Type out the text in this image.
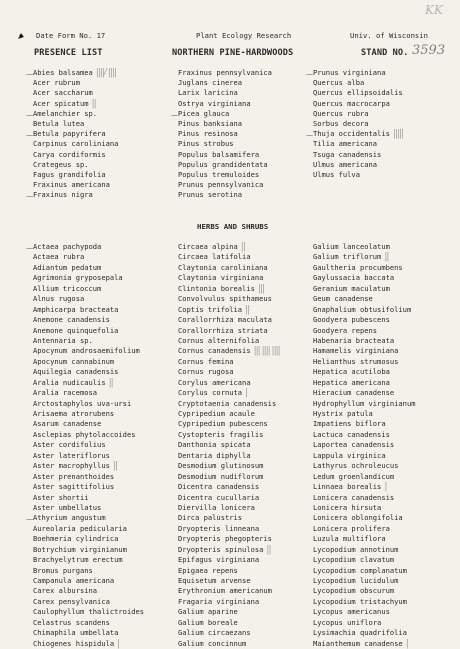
KK
Date Form No. 17	Plant Ecology Research	Univ. of Wisconsin
PRESENCE LIST	NORTHERN PINE-HARDWOODS	STAND NO. 3593
— Abies balsamea ||||/ ||||
Acer rubrum
Acer saccharum
Acer spicatum ||
— Amelanchier sp.
Betula lutea
— Betula papyrifera
Carpinus caroliniana
Carya cordiformis
Crategeus sp.
Fagus grandifolia
Fraxinus americana
— Fraxinus nigra
Fraxinus pennsylvanica
Juglans cinerea
Larix laricina
Ostrya virginiana
— Picea glauca
Pinus banksiana
Pinus resinosa
Pinus strobus
Populus balsamifera
Populus grandidentata
Populus tremuloides
Prunus pennsylvanica
Prunus serotina
— Prunus virginiana
Quercus alba
Quercus ellipsoidalis
Quercus macrocarpa
Quercus rubra
Sorbus decora
— Thuja occidentalis |||||
Tilia americana
Tsuga canadensis
Ulmus americana
Ulmus fulva
HERBS AND SHRUBS
— Actaea pachypoda
Actaea rubra
Adiantum pedatum
Agrimonia gryposepala
Allium tricoccum
Alnus rugosa
Amphicarpa bracteata
Anemone canadensis
Anemone quinquefolia
Antennaria sp.
Apocynum androsaemifolium
Apocynum cannabinum
Aquilegia canadensis
Aralia nudicaulis ||
Aralia racemosa
Arctostaphylos uva-ursi
Arisaema atrorubens
Asarum canadense
Asclepias phytolaccoides
Aster cordifolius
Aster lateriflorus
Aster macrophyllus ||
Aster prenanthoides
Aster sagittifolius
Aster shortii
Aster umbellatus
— Athyrium angustum
Aureolaria pedicularia
Boehmeria cylindrica
Botrychium virginianum
Brachyelytrum erectum
Bromus purgans
Campanula americana
Carex albursina
Carex pensylvanica
Caulophyllum thalictroides
Celastrus scandens
Chimaphila umbellata
Chiogenes hispidula |
Circaea alpina ||
Circaea latifolia
Claytonia caroliniana
Claytonia virginiana
Clintonia borealis |||
Convolvulus spithameus
Coptis trifolia ||
Corallorrhiza maculata
Corallorrhiza striata
Cornus alternifolia
Cornus canadensis ||| |||| ||||
Cornus femina
Cornus rugosa
Corylus americana
Corylus cornuta |
Cryptotaenia canadensis
Cypripedium acaule
Cypripedium pubescens
Cystopteris fragilis
Danthonia spicata
Dentaria diphylla
Desmodium glutinosum
Desmodium nudiflorum
Dicentra canadensis
Dicentra cucullaria
Diervilla lonicera
Dirca palustris
Dryopteris linneana
Dryopteris phegopteris
Dryopteris spinulosa ||
Epifagus virginiana
Epigaea repens
Equisetum arvense
Erythronium americanum
Fragaria virginiana
Galium aparine
Galium boreale
Galium circaezans
Galium concinnum
Galium lanceolatum
Galium triflorum ||
Gaultheria procumbens
Gaylussacia baccata
Geranium maculatum
Geum canadense
Gnaphalium obtusifolium
Goodyera pubescens
Goodyera repens
Habenaria bracteata
Hamamelis virginiana
Helianthus strumosus
Hepatica acutiloba
Hepatica americana
Hieracium canadense
Hydrophyllum virginianum
Hystrix patula
Impatiens biflora
Lactuca canadensis
Laportea canadensis
Lappula virginica
Lathyrus ochroleucus
Ledum groenlandicum
Linnaea borealis |
Lonicera canadensis
Lonicera hirsuta
Lonicera oblongifolia
Lonicera prolifera
Luzula multiflora
Lycopodium annotinum
Lycopodium clavatum
Lycopodium complanatum
Lycopodium lucidulum
Lycopodium obscurum
Lycopodium tristachyum
Lycopus americanus
Lycopus uniflora
Lysimachia quadrifolia
Maianthemum canadense |
